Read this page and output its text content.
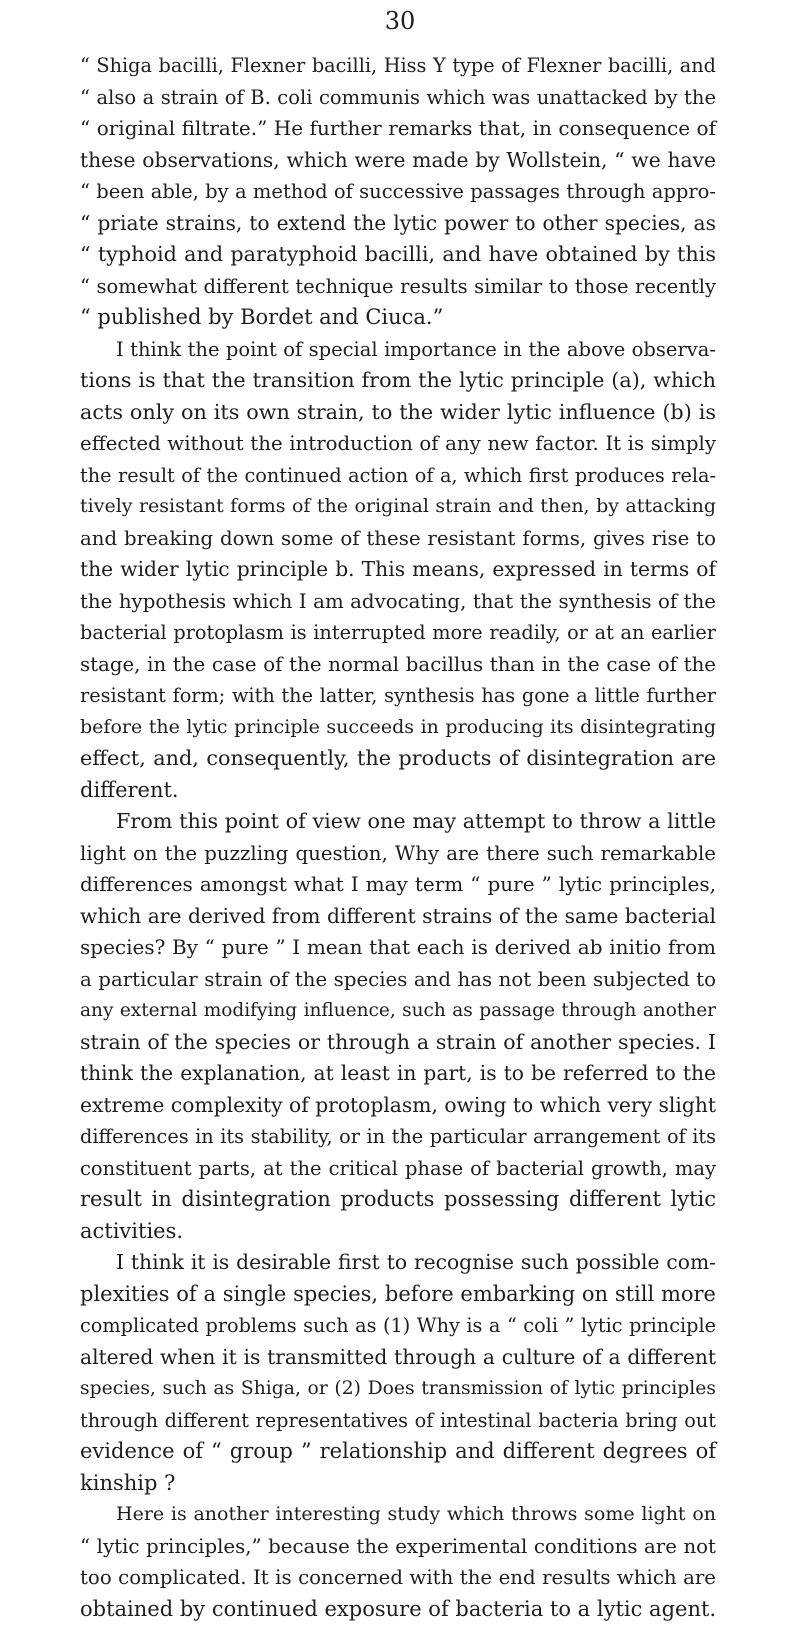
30
“ Shiga bacilli, Flexner bacilli, Hiss Y type of Flexner bacilli, and
“ also a strain of B. coli communis which was unattacked by the
“ original filtrate.” He further remarks that, in consequence of
these observations, which were made by Wollstein, “ we have
“ been able, by a method of successive passages through appro-
“ priate strains, to extend the lytic power to other species, as
“ typhoid and paratyphoid bacilli, and have obtained by this
“ somewhat different technique results similar to those recently
“ published by Bordet and Ciuca.”
I think the point of special importance in the above observa-
tions is that the transition from the lytic principle (a), which
acts only on its own strain, to the wider lytic influence (b) is
effected without the introduction of any new factor. It is simply
the result of the continued action of a, which first produces rela-
tively resistant forms of the original strain and then, by attacking
and breaking down some of these resistant forms, gives rise to
the wider lytic principle b. This means, expressed in terms of
the hypothesis which I am advocating, that the synthesis of the
bacterial protoplasm is interrupted more readily, or at an earlier
stage, in the case of the normal bacillus than in the case of the
resistant form; with the latter, synthesis has gone a little further
before the lytic principle succeeds in producing its disintegrating
effect, and, consequently, the products of disintegration are
different.
From this point of view one may attempt to throw a little
light on the puzzling question, Why are there such remarkable
differences amongst what I may term “ pure ” lytic principles,
which are derived from different strains of the same bacterial
species? By “ pure ” I mean that each is derived ab initio from
a particular strain of the species and has not been subjected to
any external modifying influence, such as passage through another
strain of the species or through a strain of another species. I
think the explanation, at least in part, is to be referred to the
extreme complexity of protoplasm, owing to which very slight
differences in its stability, or in the particular arrangement of its
constituent parts, at the critical phase of bacterial growth, may
result in disintegration products possessing different lytic
activities.
I think it is desirable first to recognise such possible com-
plexities of a single species, before embarking on still more
complicated problems such as (1) Why is a “ coli ” lytic principle
altered when it is transmitted through a culture of a different
species, such as Shiga, or (2) Does transmission of lytic principles
through different representatives of intestinal bacteria bring out
evidence of “ group ” relationship and different degrees of
kinship ?
Here is another interesting study which throws some light on
“ lytic principles,” because the experimental conditions are not
too complicated. It is concerned with the end results which are
obtained by continued exposure of bacteria to a lytic agent.
